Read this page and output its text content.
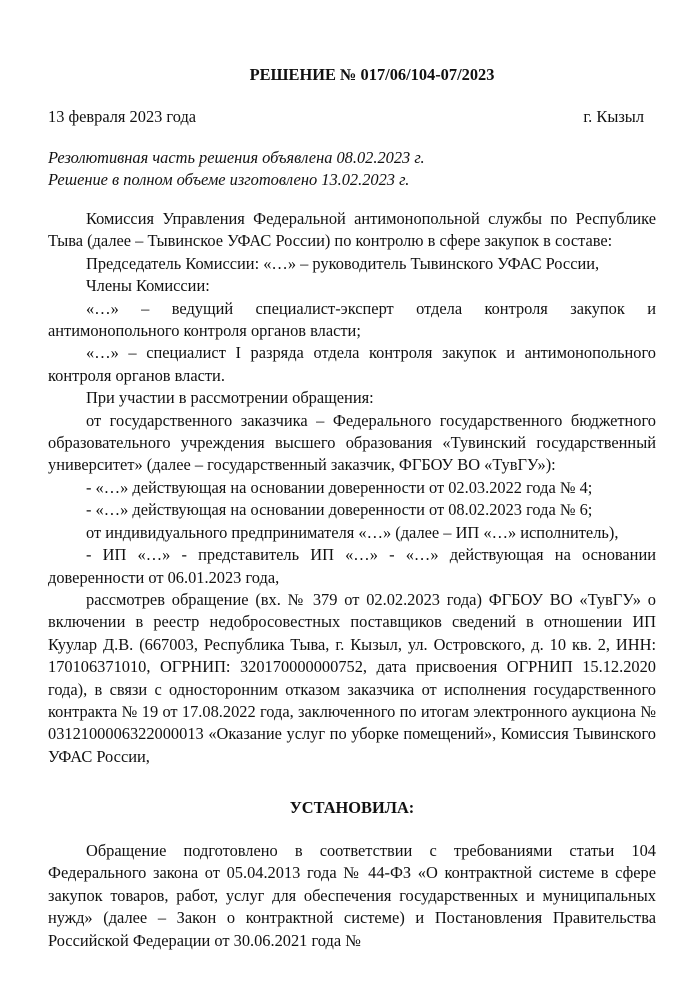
РЕШЕНИЕ № 017/06/104-07/2023
13 февраля 2023 года	г. Кызыл
Резолютивная часть решения объявлена 08.02.2023 г.
Решение в полном объеме изготовлено 13.02.2023 г.

Комиссия Управления Федеральной антимонопольной службы по Республике Тыва (далее – Тывинское УФАС России) по контролю в сфере закупок в составе:

Председатель Комиссии: «…» – руководитель Тывинского УФАС России,

Члены Комиссии:

«…» – ведущий специалист-эксперт отдела контроля закупок и антимонопольного контроля органов власти;

«…» – специалист I разряда отдела контроля закупок и антимонопольного контроля органов власти.

При участии в рассмотрении обращения:

от государственного заказчика – Федерального государственного бюджетного образовательного учреждения высшего образования «Тувинский государственный университет» (далее – государственный заказчик, ФГБОУ ВО «ТувГУ»):

- «…» действующая на основании доверенности от 02.03.2022 года № 4;

- «…» действующая на основании доверенности от 08.02.2023 года № 6;

от индивидуального предпринимателя «…» (далее – ИП «…» исполнитель),

- ИП «…» - представитель ИП «…» - «…» действующая на основании доверенности от 06.01.2023 года,

рассмотрев обращение (вх. № 379 от 02.02.2023 года) ФГБОУ ВО «ТувГУ» о включении в реестр недобросовестных поставщиков сведений в отношении ИП Куулар Д.В. (667003, Республика Тыва, г. Кызыл, ул. Островского, д. 10 кв. 2, ИНН: 170106371010, ОГРНИП: 320170000000752, дата присвоения ОГРНИП 15.12.2020 года), в связи с односторонним отказом заказчика от исполнения государственного контракта № 19 от 17.08.2022 года, заключенного по итогам электронного аукциона № 0312100006322000013 «Оказание услуг по уборке помещений», Комиссия Тывинского УФАС России,

УСТАНОВИЛА:

Обращение подготовлено в соответствии с требованиями статьи 104 Федерального закона от 05.04.2013 года № 44-ФЗ «О контрактной системе в сфере закупок товаров, работ, услуг для обеспечения государственных и муниципальных нужд» (далее – Закон о контрактной системе) и Постановления Правительства Российской Федерации от 30.06.2021 года №
